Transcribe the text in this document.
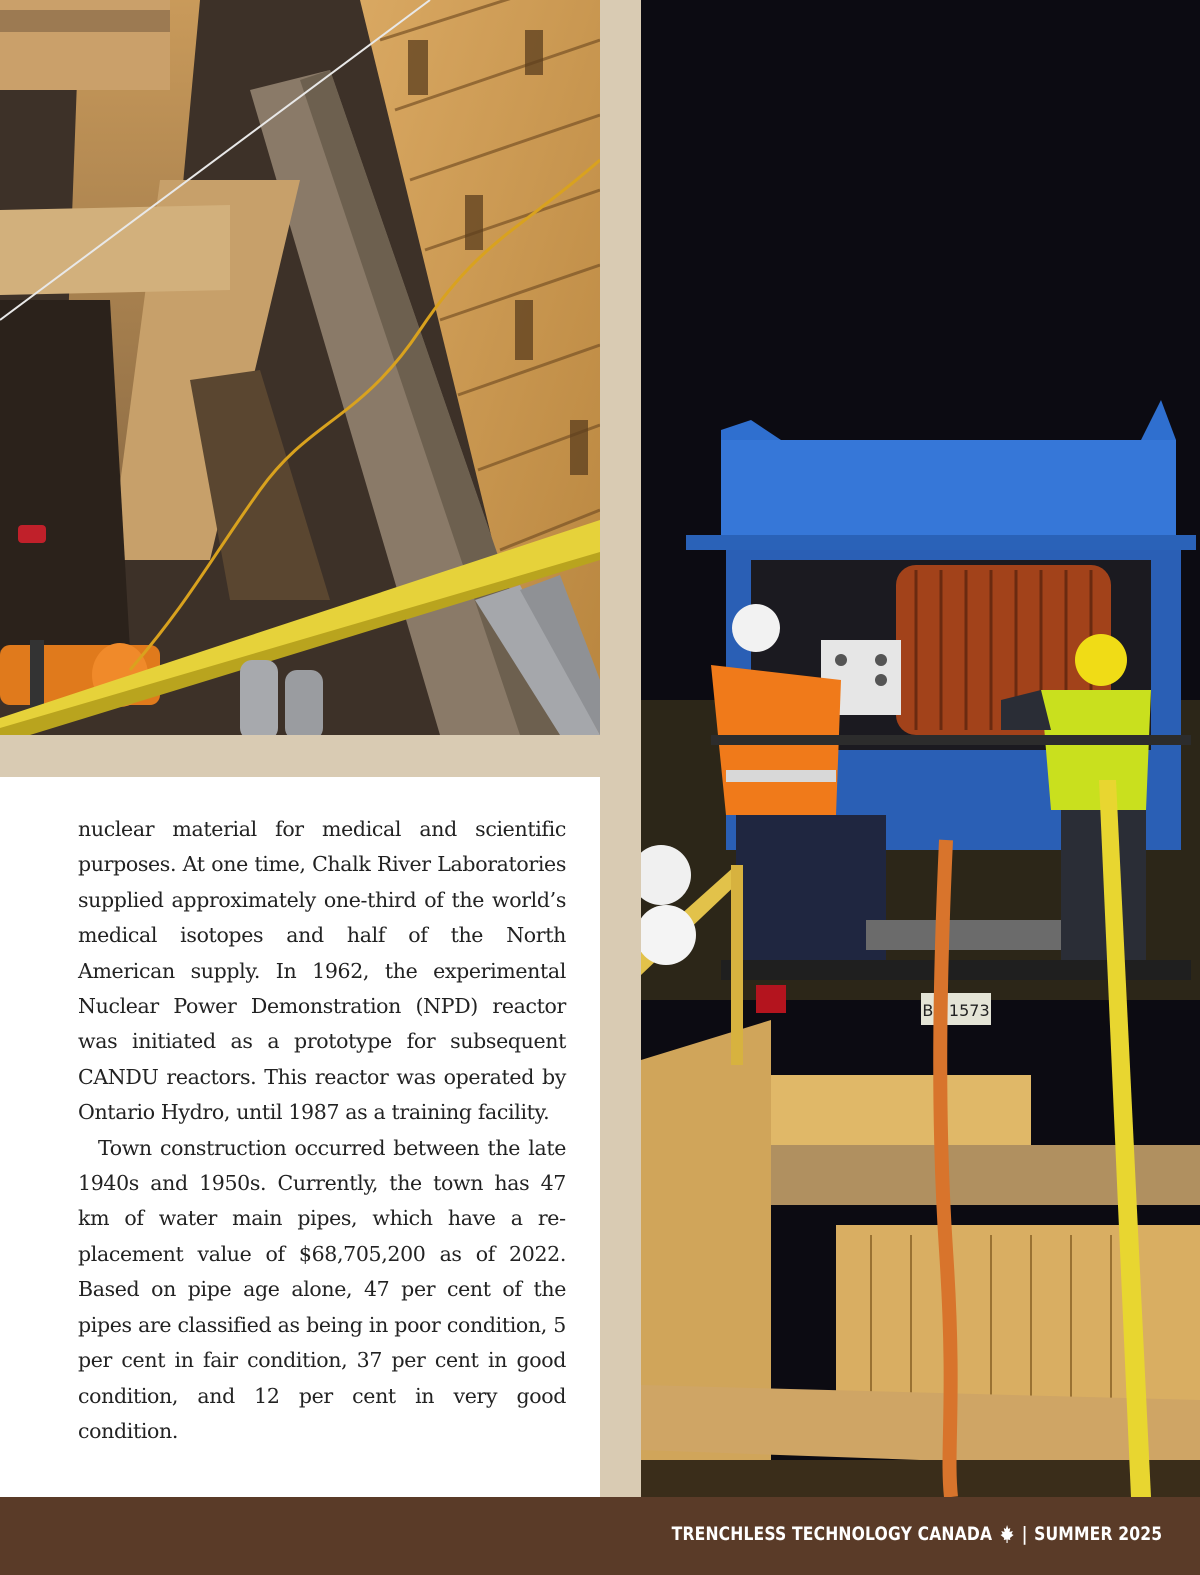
BK 1573

nuclear material for medical and scientific purposes. At one time, Chalk River Laboratories supplied approximately one-third of the world’s medical isotopes and half of the North American supply. In 1962, the experimental Nuclear Power Demonstration (NPD) reactor was initiated as a prototype for subsequent CANDU reactors. This reactor was operated by Ontario Hydro, until 1987 as a training facility.

Town construction occurred between the late 1940s and 1950s. Currently, the town has 47 km of water main pipes, which have a replacement value of $68,705,200 as of 2022. Based on pipe age alone, 47 per cent of the pipes are classified as being in poor condition, 5 per cent in fair condition, 37 per cent in good condition, and 12 per cent in very good condition.

TRENCHLESS TECHNOLOGY CANADA | SUMMER 2025
